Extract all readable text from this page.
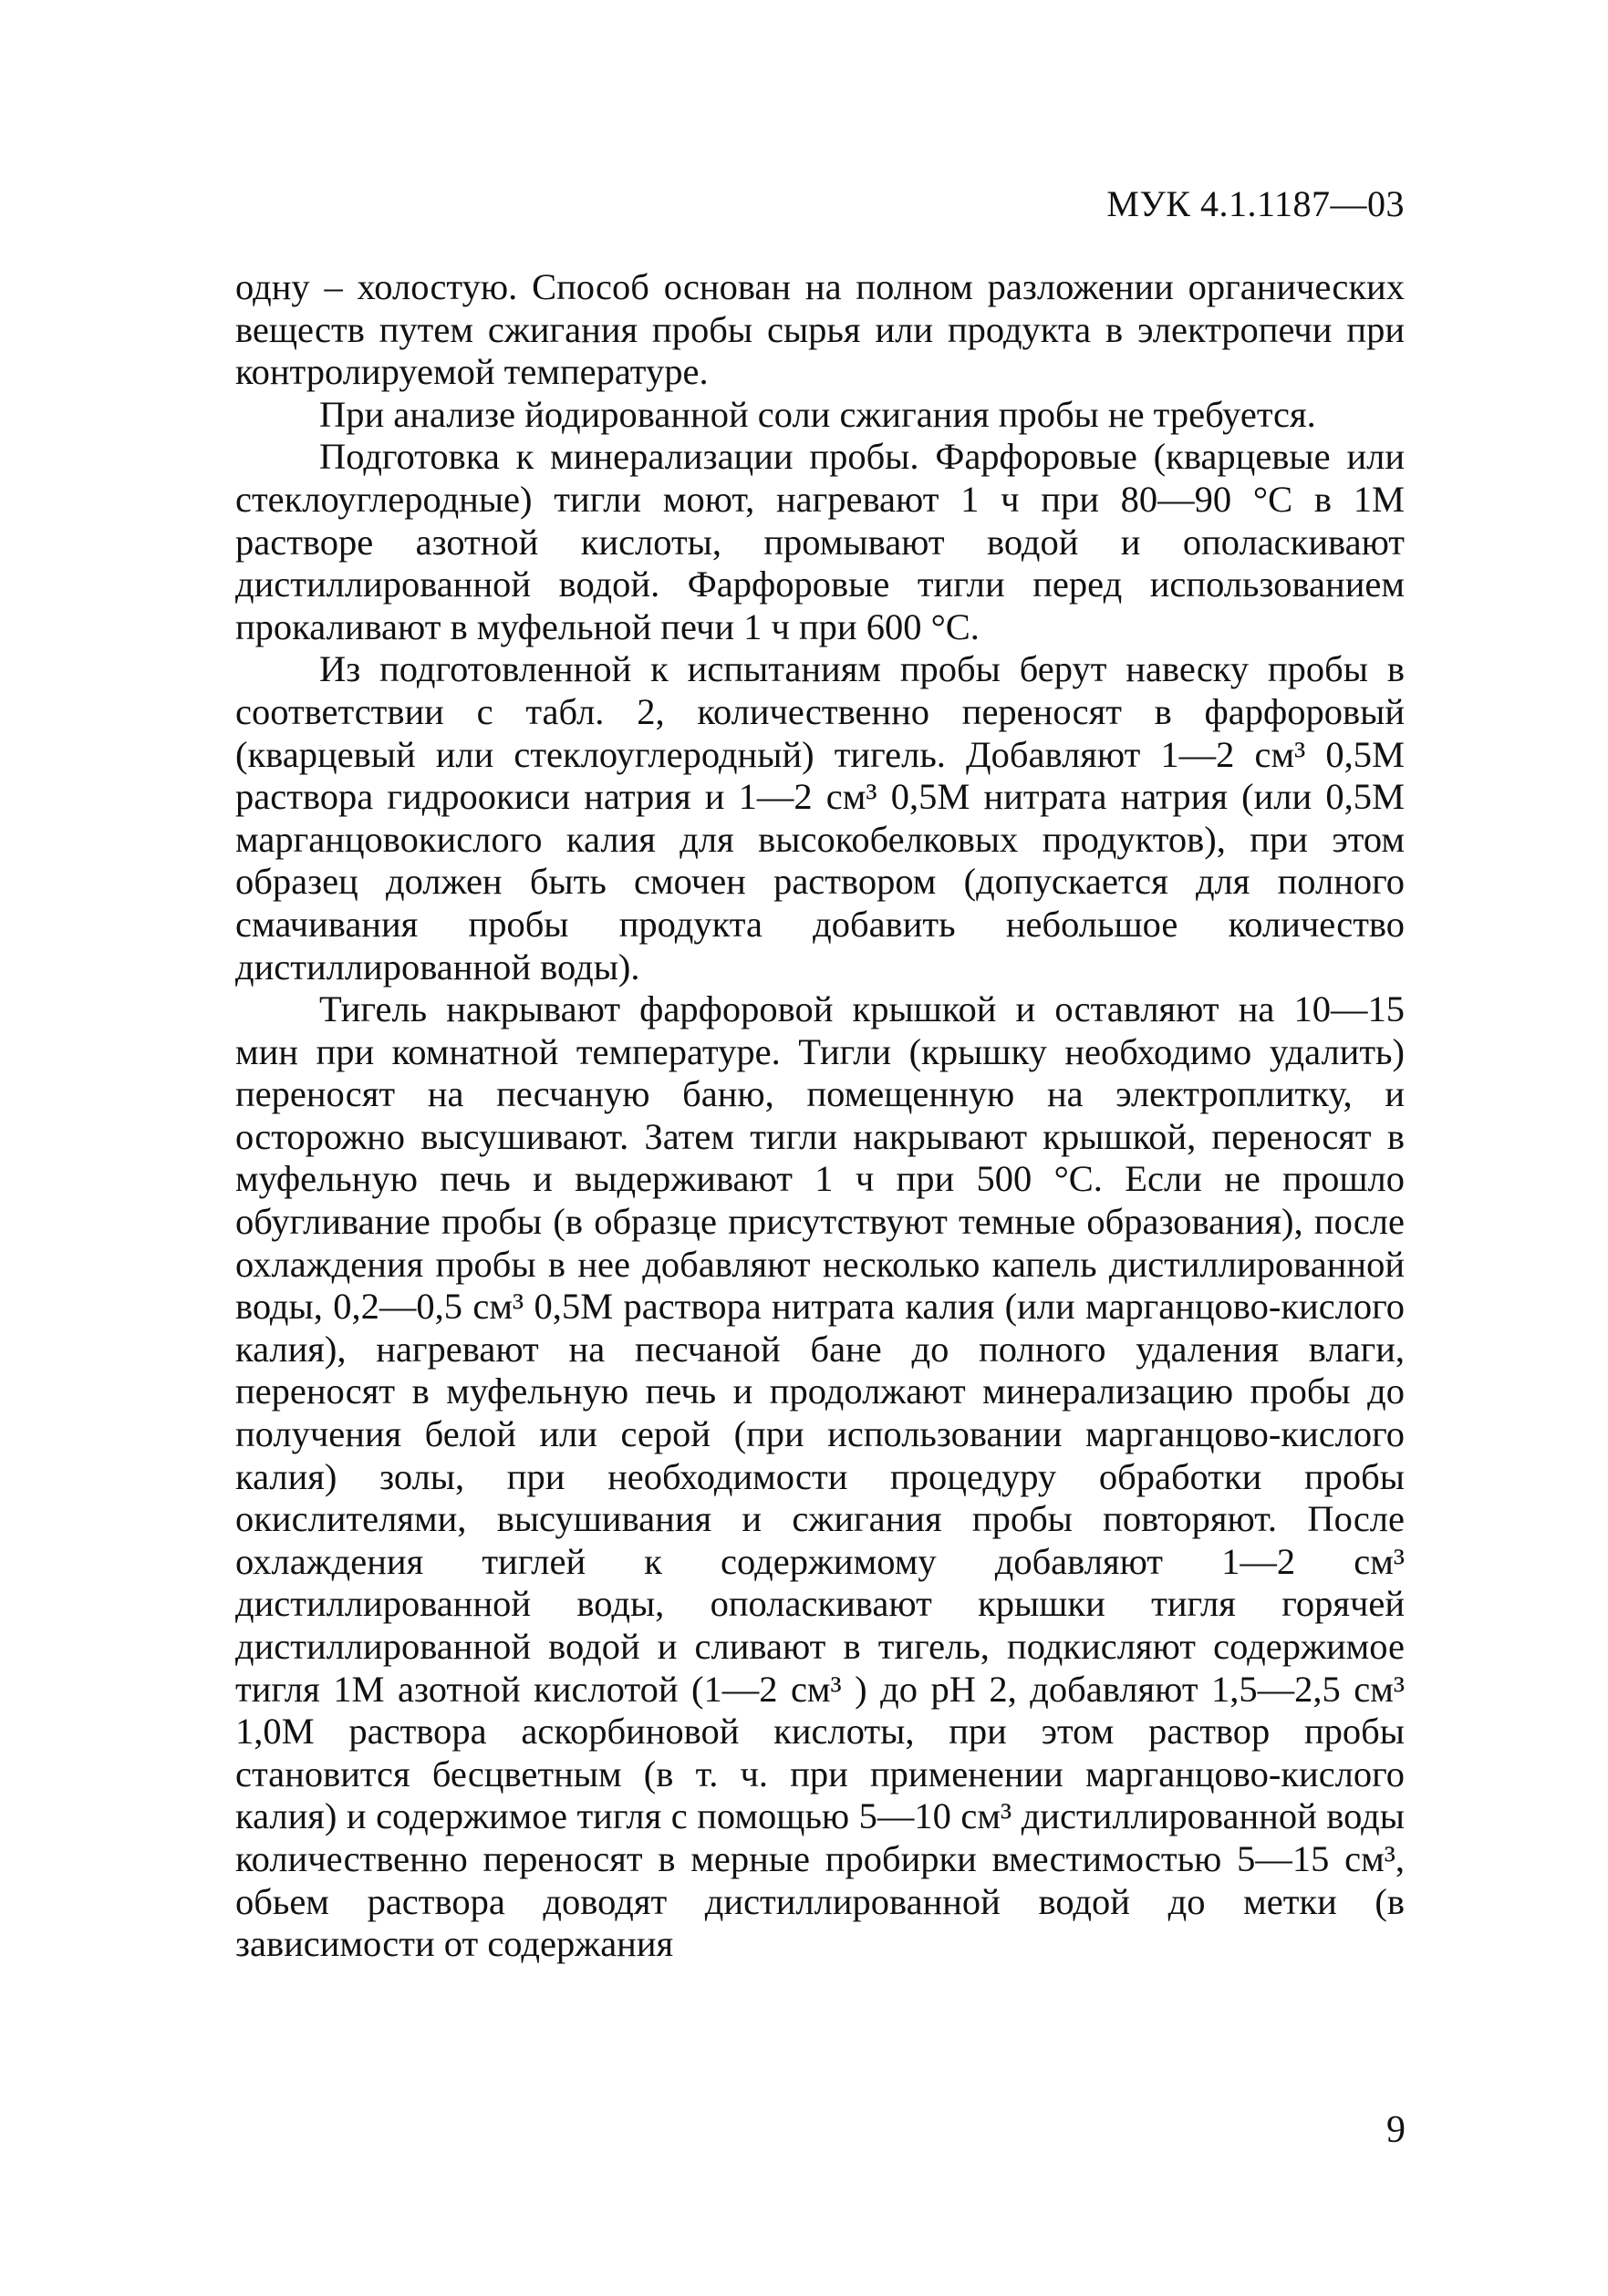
МУК 4.1.1187—03

одну – холостую. Способ основан на полном разложении органических веществ путем сжигания пробы сырья или продукта в электропечи при контролируемой температуре.

При анализе йодированной соли сжигания пробы не требуется.

Подготовка к минерализации пробы. Фарфоровые (кварцевые или стеклоуглеродные) тигли моют, нагревают 1 ч при 80—90 °С в 1М растворе азотной кислоты, промывают водой и ополаскивают дистиллированной водой. Фарфоровые тигли перед использованием прокаливают в муфельной печи 1 ч при 600 °С.

Из подготовленной к испытаниям пробы берут навеску пробы в соответствии с табл. 2, количественно переносят в фарфоровый (кварцевый или стеклоуглеродный) тигель. Добавляют 1—2 см³ 0,5М раствора гидроокиси натрия и 1—2 см³ 0,5М нитрата натрия (или 0,5М марганцовокислого калия для высокобелковых продуктов), при этом образец должен быть смочен раствором (допускается для полного смачивания пробы продукта добавить небольшое количество дистиллированной воды).

Тигель накрывают фарфоровой крышкой и оставляют на 10—15 мин при комнатной температуре. Тигли (крышку необходимо удалить) переносят на песчаную баню, помещенную на электроплитку, и осторожно высушивают. Затем тигли накрывают крышкой, переносят в муфельную печь и выдерживают 1 ч при 500 °С. Если не прошло обугливание пробы (в образце присутствуют темные образования), после охлаждения пробы в нее добавляют несколько капель дистиллированной воды, 0,2—0,5 см³ 0,5М раствора нитрата калия (или марганцово-кислого калия), нагревают на песчаной бане до полного удаления влаги, переносят в муфельную печь и продолжают минерализацию пробы до получения белой или серой (при использовании марганцово-кислого калия) золы, при необходимости процедуру обработки пробы окислителями, высушивания и сжигания пробы повторяют. После охлаждения тиглей к содержимому добавляют 1—2 см³ дистиллированной воды, ополаскивают крышки тигля горячей дистиллированной водой и сливают в тигель, подкисляют содержимое тигля 1М азотной кислотой (1—2 см³ ) до рН 2, добавляют 1,5—2,5 см³ 1,0М раствора аскорбиновой кислоты, при этом раствор пробы становится бесцветным (в т. ч. при применении марганцово-кислого калия) и содержимое тигля с помощью 5—10 см³ дистиллированной воды количественно переносят в мерные пробирки вместимостью 5—15 см³, обьем раствора доводят дистиллированной водой до метки (в зависимости от содержания

9
